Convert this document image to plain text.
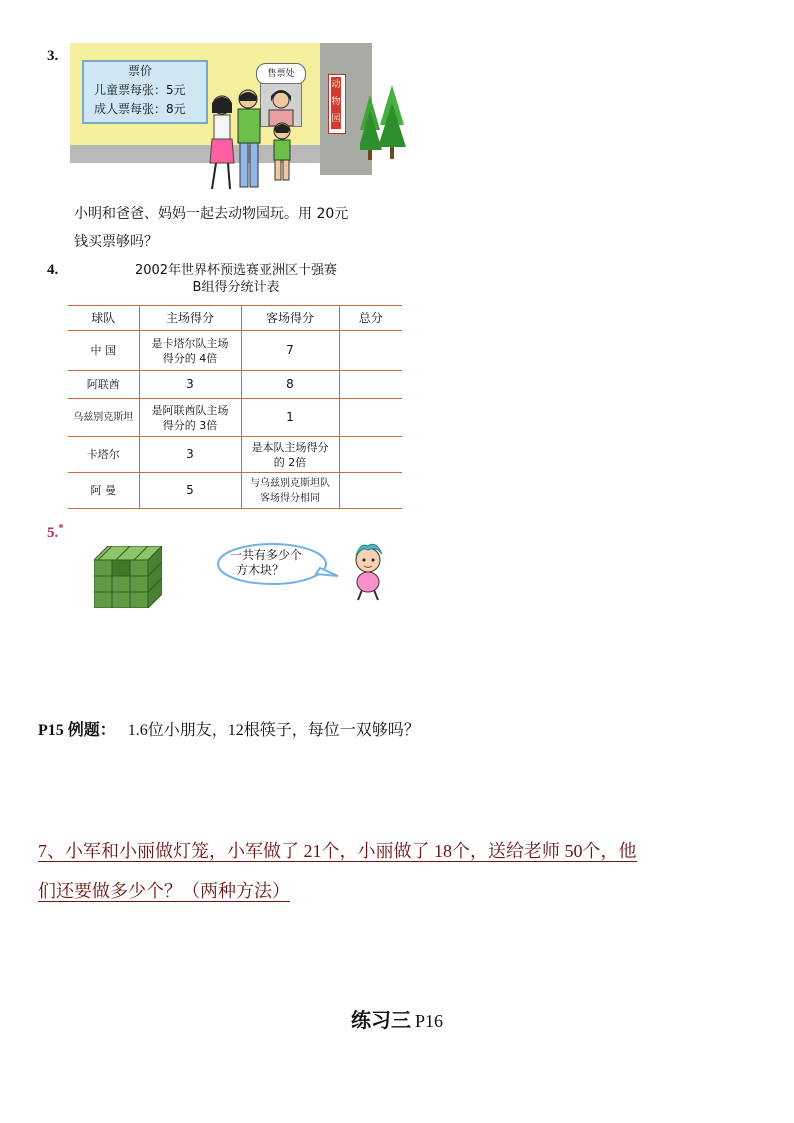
3.
票价
儿童票每张：5元
成人票每张：8元
售票处
动物园
小明和爸爸、妈妈一起去动物园玩。用 20元
钱买票够吗？
4.	2002年世界杯预选赛亚洲区十强赛
B组得分统计表
球队	主场得分	客场得分	总分
中 国	是卡塔尔队主场得分的 4倍	7	
阿联酋	3	8	
乌兹别克斯坦	是阿联酋队主场得分的 3倍	1	
卡塔尔	3	是本队主场得分的 2倍	
阿 曼	5	与乌兹别克斯坦队客场得分相同	
5.*
一共有多少个
方木块？
P15 例题： 1.6位小朋友，12根筷子，每位一双够吗？
7、小军和小丽做灯笼，小军做了 21个，小丽做了 18个，送给老师 50个，他
们还要做多少个？（两种方法）
练习三 P16
